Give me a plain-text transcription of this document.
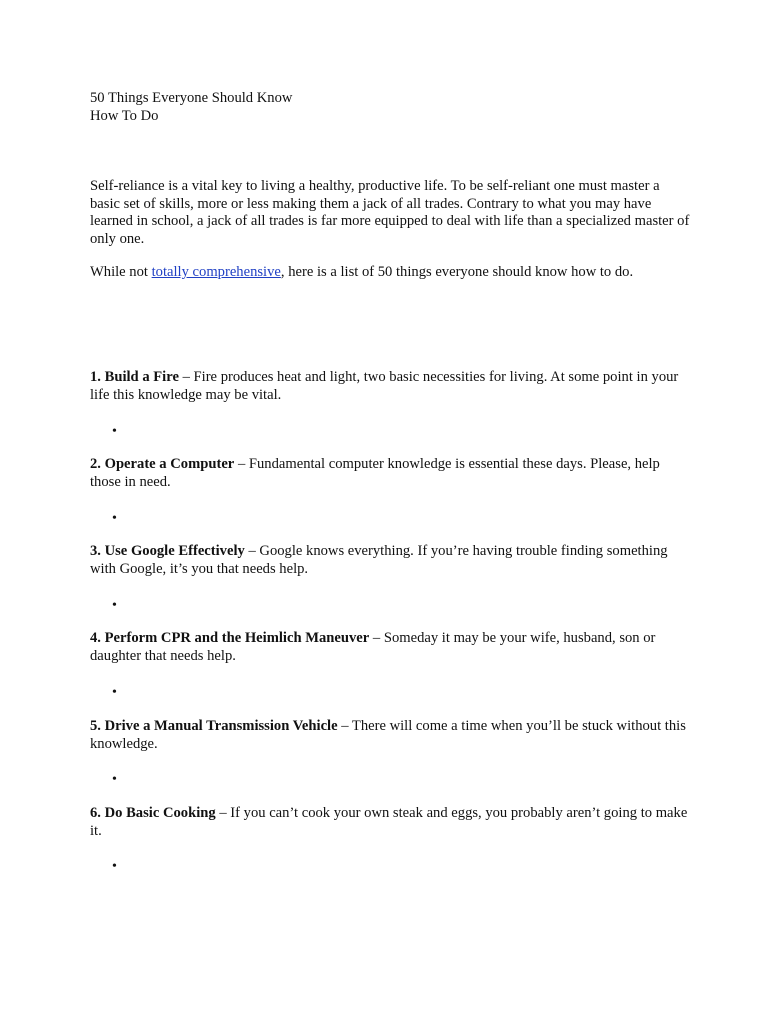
50 Things Everyone Should Know
How To Do

Self-reliance is a vital key to living a healthy, productive life. To be self-reliant one must master a basic set of skills, more or less making them a jack of all trades. Contrary to what you may have learned in school, a jack of all trades is far more equipped to deal with life than a specialized master of only one.

While not totally comprehensive, here is a list of 50 things everyone should know how to do.

1. Build a Fire – Fire produces heat and light, two basic necessities for living. At some point in your life this knowledge may be vital.

•

2. Operate a Computer – Fundamental computer knowledge is essential these days. Please, help those in need.

•

3. Use Google Effectively – Google knows everything. If you’re having trouble finding something with Google, it’s you that needs help.

•

4. Perform CPR and the Heimlich Maneuver – Someday it may be your wife, husband, son or daughter that needs help.

•

5. Drive a Manual Transmission Vehicle – There will come a time when you’ll be stuck without this knowledge.

•

6. Do Basic Cooking – If you can’t cook your own steak and eggs, you probably aren’t going to make it.

•
